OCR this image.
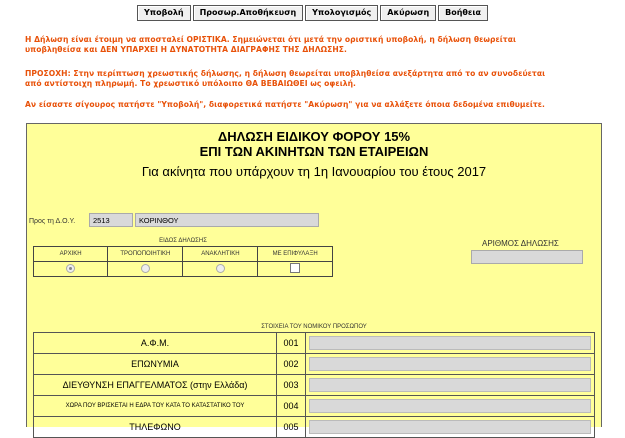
Υποβολή Προσωρ.Αποθήκευση Υπολογισμός Ακύρωση Βοήθεια
Η Δήλωση είναι έτοιμη να αποσταλεί ΟΡΙΣΤΙΚΑ. Σημειώνεται ότι μετά την οριστική υποβολή, η δήλωση θεωρείται
υποβληθείσα και ΔΕΝ ΥΠΑΡΧΕΙ Η ΔΥΝΑΤΟΤΗΤΑ ΔΙΑΓΡΑΦΗΣ ΤΗΣ ΔΗΛΩΣΗΣ.
ΠΡΟΣΟΧΗ: Στην περίπτωση χρεωστικής δήλωσης, η δήλωση θεωρείται υποβληθείσα ανεξάρτητα από το αν συνοδεύεται
από αντίστοιχη πληρωμή. Το χρεωστικό υπόλοιπο ΘΑ ΒΕΒΑΙΩΘΕΙ ως οφειλή.
Αν είσαστε σίγουρος πατήστε "Υποβολή", διαφορετικά πατήστε "Ακύρωση" για να αλλάξετε όποια δεδομένα επιθυμείτε.
ΔΗΛΩΣΗ ΕΙΔΙΚΟΥ ΦΟΡΟΥ 15%
ΕΠΙ ΤΩΝ ΑΚΙΝΗΤΩΝ ΤΩΝ ΕΤΑΙΡΕΙΩΝ
Για ακίνητα που υπάρχουν τη 1η Ιανουαρίου του έτους 2017
Προς τη Δ.Ο.Υ.	2513	ΚΟΡΙΝΘΟΥ
ΑΡΙΘΜΟΣ ΔΗΛΩΣΗΣ
ΕΙΔΟΣ ΔΗΛΩΣΗΣ
ΑΡΧΙΚΗ	ΤΡΟΠΟΠΟΙΗΤΙΚΗ	ΑΝΑΚΛΗΤΙΚΗ	ΜΕ ΕΠΙΦΥΛΑΞΗ

ΣΤΟΙΧΕΙΑ ΤΟΥ ΝΟΜΙΚΟΥ ΠΡΟΣΩΠΟΥ
Α.Φ.Μ.	001	

ΕΠΩΝΥΜΙΑ	002	

ΔΙΕΥΘΥΝΣΗ ΕΠΑΓΓΕΛΜΑΤΟΣ (στην Ελλάδα)	003	

ΧΩΡΑ ΠΟΥ ΒΡΙΣΚΕΤΑΙ Η ΕΔΡΑ ΤΟΥ ΚΑΤΑ ΤΟ ΚΑΤΑΣΤΑΤΙΚΟ ΤΟΥ	004	

ΤΗΛΕΦΩΝΟ	005	
